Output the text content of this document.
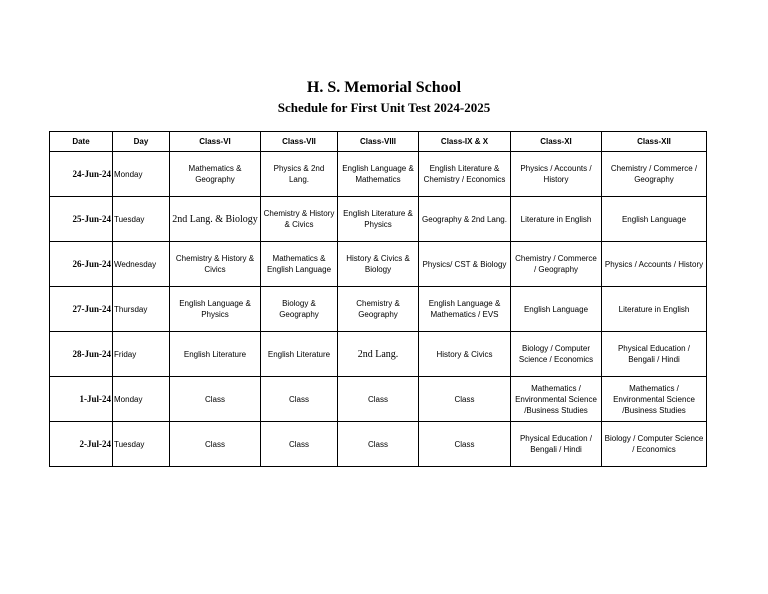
H. S. Memorial School
Schedule for First Unit Test 2024-2025
Date	Day	Class-VI	Class-VII	Class-VIII	Class-IX & X	Class-XI	Class-XII
24-Jun-24	Monday	Mathematics & Geography	Physics & 2nd Lang.	English Language & Mathematics	English Literature & Chemistry / Economics	Physics / Accounts / History	Chemistry / Commerce / Geography
25-Jun-24	Tuesday	2nd Lang. & Biology	Chemistry & History & Civics	English Literature & Physics	Geography & 2nd Lang.	Literature in English	English Language
26-Jun-24	Wednesday	Chemistry & History & Civics	Mathematics & English Language	History & Civics & Biology	Physics/ CST & Biology	Chemistry / Commerce / Geography	Physics / Accounts / History
27-Jun-24	Thursday	English Language & Physics	Biology & Geography	Chemistry & Geography	English Language & Mathematics / EVS	English Language	Literature in English
28-Jun-24	Friday	English Literature	English Literature	2nd Lang.	History & Civics	Biology / Computer Science / Economics	Physical Education / Bengali / Hindi
1-Jul-24	Monday	Class	Class	Class	Class	Mathematics / Environmental Science /Business Studies	Mathematics / Environmental Science /Business Studies
2-Jul-24	Tuesday	Class	Class	Class	Class	Physical Education / Bengali / Hindi	Biology / Computer Science / Economics
